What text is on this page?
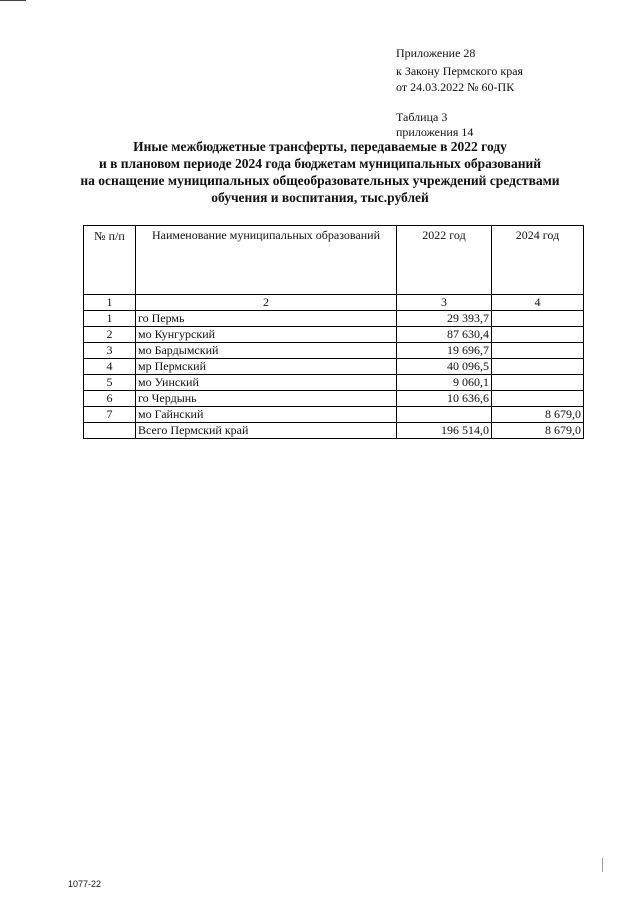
Приложение 28
к Закону Пермского края
от 24.03.2022 № 60-ПК
Таблица 3
приложения 14
Иные межбюджетные трансферты, передаваемые в 2022 году
и в плановом периоде 2024 года бюджетам муниципальных образований
на оснащение муниципальных общеобразовательных учреждений средствами
обучения и воспитания, тыс.рублей
№ п/п	Наименование муниципальных образований	2022 год	2024 год
1	2	3	4
1	го Пермь	29 393,7	
2	мо Кунгурский	87 630,4	
3	мо Бардымский	19 696,7	
4	мр Пермский	40 096,5	
5	мо Уинский	9 060,1	
6	го Чердынь	10 636,6	
7	мо Гайнский		8 679,0
	Всего Пермский край	196 514,0	8 679,0
1077-22
